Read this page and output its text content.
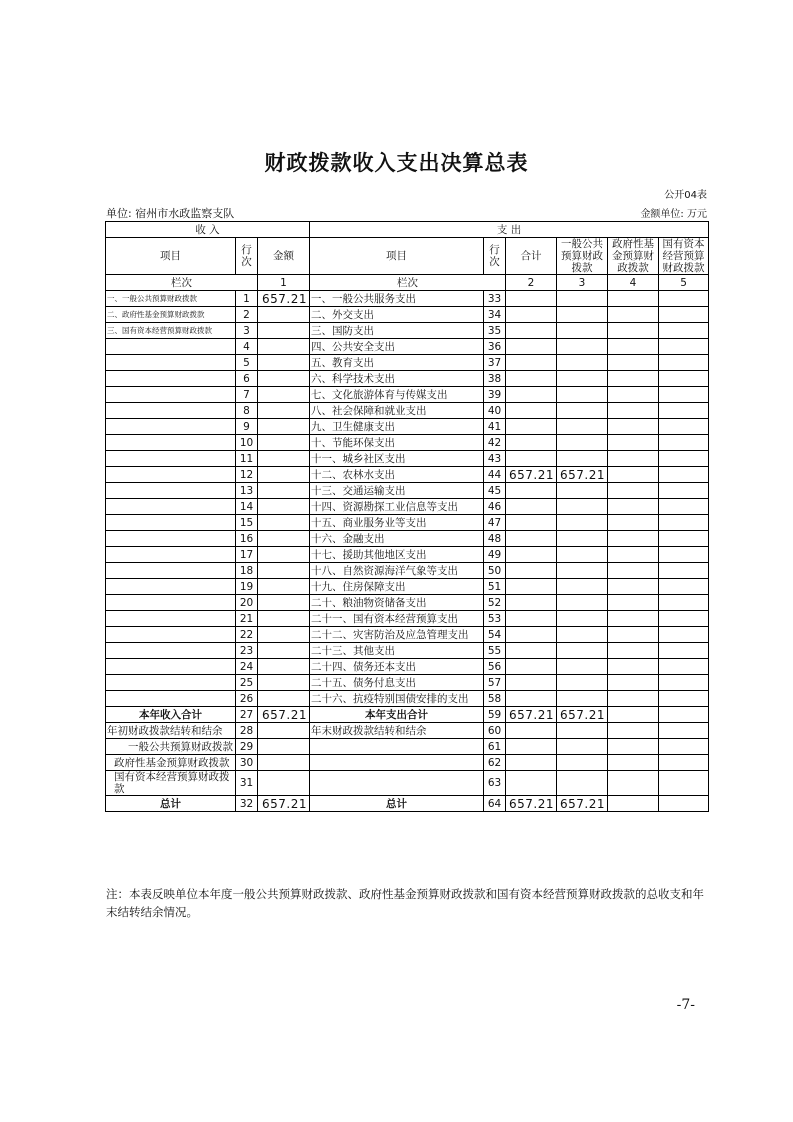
财政拨款收入支出决算总表
公开04表
单位: 宿州市水政监察支队	金额单位: 万元
收 入			支 出					
项目	行次	金额	项目	行次	合计	一般公共预算财政拨款	政府性基金预算财政拨款	国有资本经营预算财政拨款
栏次		1	栏次		2	3	4	5
一、一般公共预算财政拨款	1	657.21	一、一般公共服务支出	33				
二、政府性基金预算财政拨款	2		二、外交支出	34				
三、国有资本经营预算财政拨款	3		三、国防支出	35				
	4		四、公共安全支出	36				
	5		五、教育支出	37				
	6		六、科学技术支出	38				
	7		七、文化旅游体育与传媒支出	39				
	8		八、社会保障和就业支出	40				
	9		九、卫生健康支出	41				
	10		十、节能环保支出	42				
	11		十一、城乡社区支出	43				
	12		十二、农林水支出	44	657.21	657.21		
	13		十三、交通运输支出	45				
	14		十四、资源勘探工业信息等支出	46				
	15		十五、商业服务业等支出	47				
	16		十六、金融支出	48				
	17		十七、援助其他地区支出	49				
	18		十八、自然资源海洋气象等支出	50				
	19		十九、住房保障支出	51				
	20		二十、粮油物资储备支出	52				
	21		二十一、国有资本经营预算支出	53				
	22		二十二、灾害防治及应急管理支出	54				
	23		二十三、其他支出	55				
	24		二十四、债务还本支出	56				
	25		二十五、债务付息支出	57				
	26		二十六、抗疫特别国债安排的支出	58				
本年收入合计	27	657.21	本年支出合计	59	657.21	657.21		
年初财政拨款结转和结余	28		年末财政拨款结转和结余	60				
一般公共预算财政拨款	29			61				
政府性基金预算财政拨款	30			62				
国有资本经营预算财政拨款	31			63				
总计	32	657.21	总计	64	657.21	657.21		
注：本表反映单位本年度一般公共预算财政拨款、政府性基金预算财政拨款和国有资本经营预算财政拨款的总收支和年末结转结余情况。
-7-
